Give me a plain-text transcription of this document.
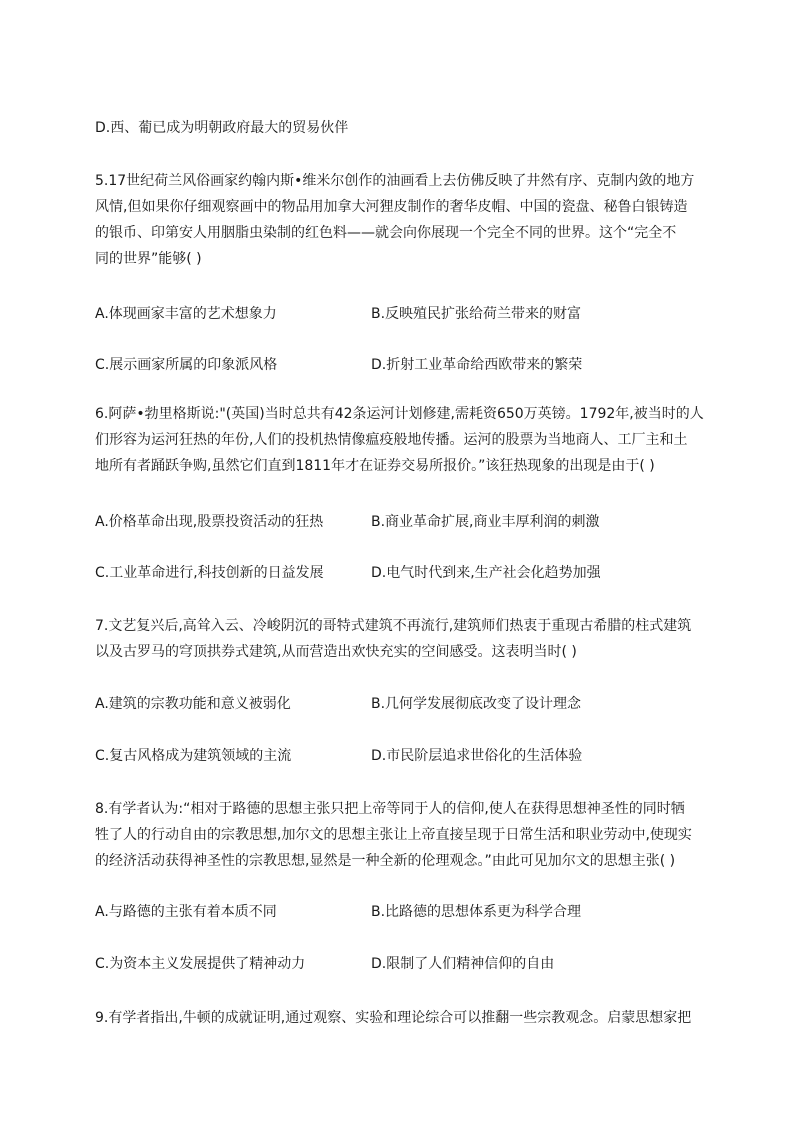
D.西、葡已成为明朝政府最大的贸易伙伴
5.17世纪荷兰风俗画家约翰内斯•维米尔创作的油画看上去仿佛反映了井然有序、克制内敛的地方
风情,但如果你仔细观察画中的物品用加拿大河狸皮制作的奢华皮帽、中国的瓷盘、秘鲁白银铸造
的银币、印第安人用胭脂虫染制的红色料——就会向你展现一个完全不同的世界。这个“完全不
同的世界”能够( )
A.体现画家丰富的艺术想象力	B.反映殖民扩张给荷兰带来的财富
C.展示画家所属的印象派风格	D.折射工业革命给西欧带来的繁荣
6.阿萨•勃里格斯说:"(英国)当时总共有42条运河计划修建,需耗资650万英镑。1792年,被当时的人
们形容为运河狂热的年份,人们的投机热情像瘟疫般地传播。运河的股票为当地商人、工厂主和土
地所有者踊跃争购,虽然它们直到1811年才在证券交易所报价。”该狂热现象的出现是由于( )
A.价格革命出现,股票投资活动的狂热	B.商业革命扩展,商业丰厚利润的刺激
C.工业革命进行,科技创新的日益发展	D.电气时代到来,生产社会化趋势加强
7.文艺复兴后,高耸入云、冷峻阴沉的哥特式建筑不再流行,建筑师们热衷于重现古希腊的柱式建筑
以及古罗马的穹顶拱券式建筑,从而营造出欢快充实的空间感受。这表明当时( )
A.建筑的宗教功能和意义被弱化	B.几何学发展彻底改变了设计理念
C.复古风格成为建筑领域的主流	D.市民阶层追求世俗化的生活体验
8.有学者认为:“相对于路德的思想主张只把上帝等同于人的信仰,使人在获得思想神圣性的同时牺
牲了人的行动自由的宗教思想,加尔文的思想主张让上帝直接呈现于日常生活和职业劳动中,使现实
的经济活动获得神圣性的宗教思想,显然是一种全新的伦理观念。”由此可见加尔文的思想主张( )
A.与路德的主张有着本质不同	B.比路德的思想体系更为科学合理
C.为资本主义发展提供了精神动力	D.限制了人们精神信仰的自由
9.有学者指出,牛顿的成就证明,通过观察、实验和理论综合可以推翻一些宗教观念。启蒙思想家把
